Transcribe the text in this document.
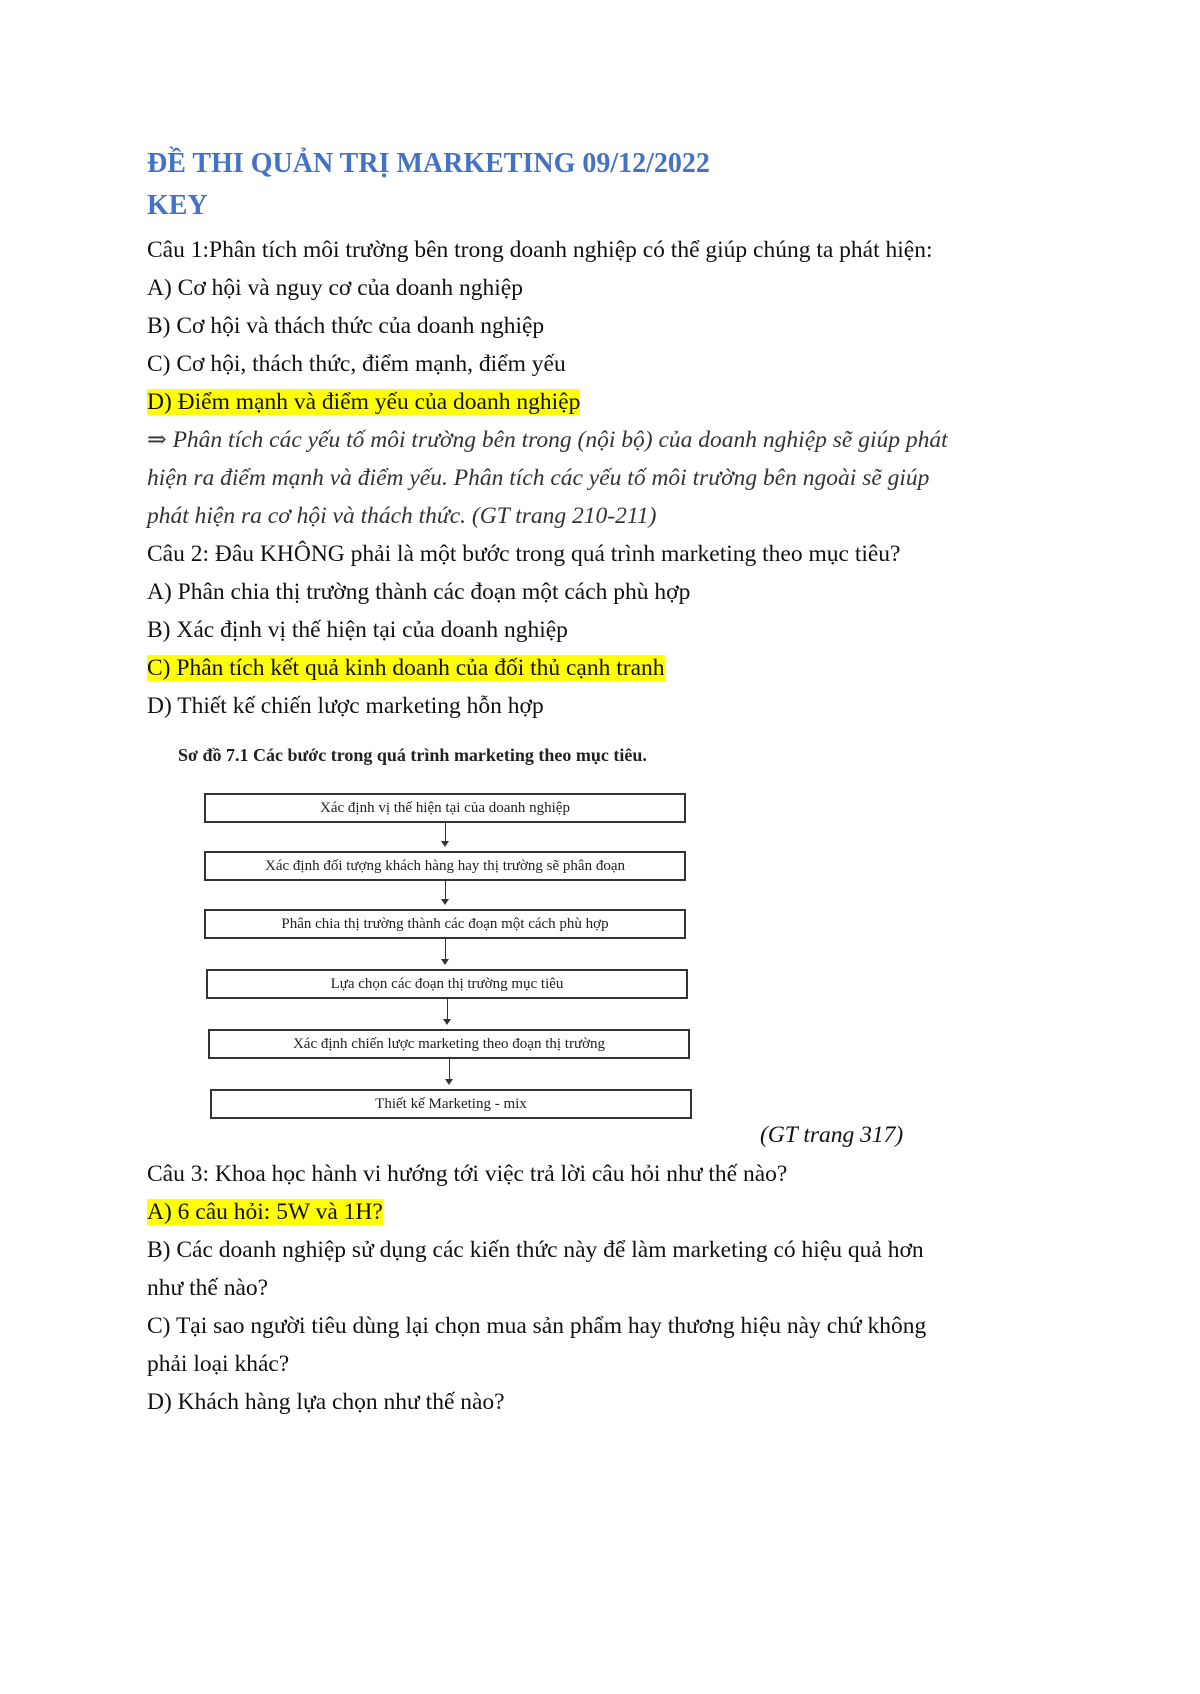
ĐỀ THI QUẢN TRỊ MARKETING 09/12/2022
KEY
Câu 1:Phân tích môi trường bên trong doanh nghiệp có thể giúp chúng ta phát hiện:
A) Cơ hội và nguy cơ của doanh nghiệp
B) Cơ hội và thách thức của doanh nghiệp
C) Cơ hội, thách thức, điểm mạnh, điểm yếu
D) Điểm mạnh và điểm yếu của doanh nghiệp
⇒ Phân tích các yếu tố môi trường bên trong (nội bộ) của doanh nghiệp sẽ giúp phát
hiện ra điểm mạnh và điểm yếu. Phân tích các yếu tố môi trường bên ngoài sẽ giúp
phát hiện ra cơ hội và thách thức. (GT trang 210-211)
Câu 2: Đâu KHÔNG phải là một bước trong quá trình marketing theo mục tiêu?
A) Phân chia thị trường thành các đoạn một cách phù hợp
B) Xác định vị thế hiện tại của doanh nghiệp
C) Phân tích kết quả kinh doanh của đối thủ cạnh tranh
D) Thiết kế chiến lược marketing hỗn hợp
Sơ đồ 7.1 Các bước trong quá trình marketing theo mục tiêu.
Xác định vị thế hiện tại của doanh nghiệp
Xác định đối tượng khách hàng hay thị trường sẽ phân đoạn
Phân chia thị trường thành các đoạn một cách phù hợp
Lựa chọn các đoạn thị trường mục tiêu
Xác định chiến lược marketing theo đoạn thị trường
Thiết kế Marketing - mix
(GT trang 317)
Câu 3: Khoa học hành vi hướng tới việc trả lời câu hỏi như thế nào?
A) 6 câu hỏi: 5W và 1H?
B) Các doanh nghiệp sử dụng các kiến thức này để làm marketing có hiệu quả hơn
như thế nào?
C) Tại sao người tiêu dùng lại chọn mua sản phẩm hay thương hiệu này chứ không
phải loại khác?
D) Khách hàng lựa chọn như thế nào?
